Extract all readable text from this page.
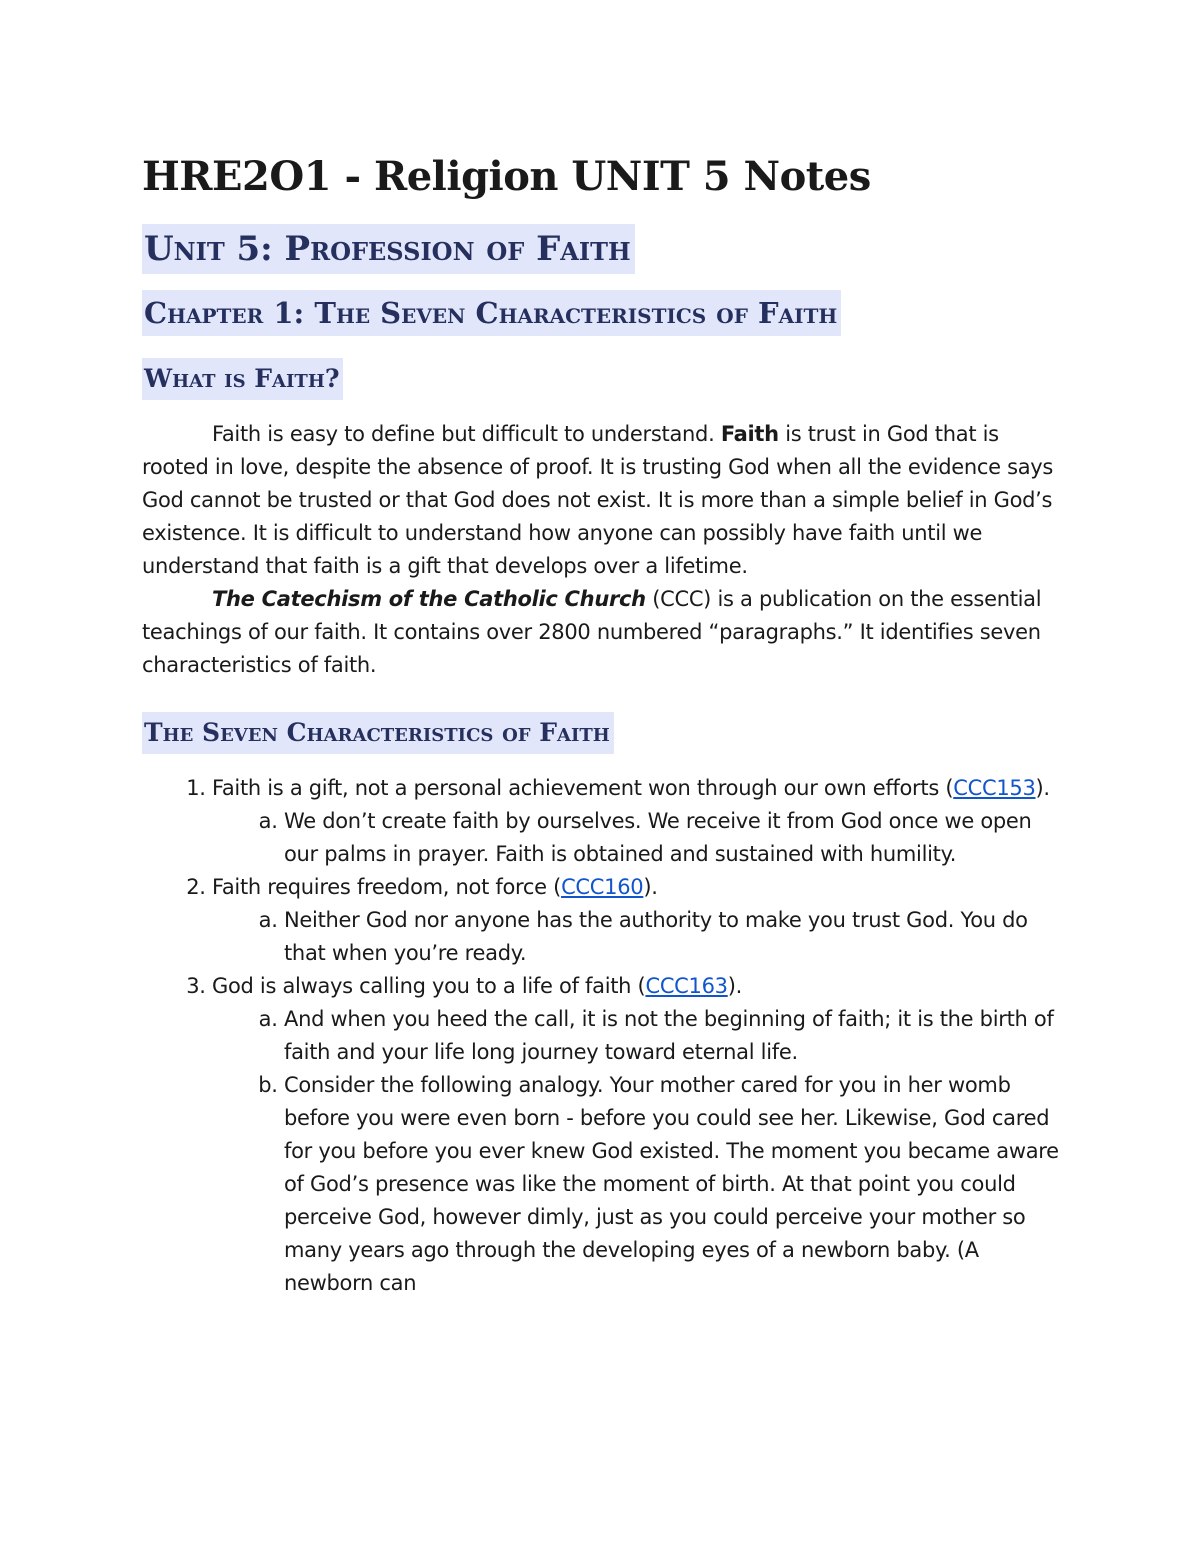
HRE2O1 - Religion UNIT 5 Notes
Unit 5: Profession of Faith
Chapter 1: The Seven Characteristics of Faith
What is Faith?

Faith is easy to define but difficult to understand. Faith is trust in God that is rooted in love, despite the absence of proof. It is trusting God when all the evidence says God cannot be trusted or that God does not exist. It is more than a simple belief in God’s existence. It is difficult to understand how anyone can possibly have faith until we understand that faith is a gift that develops over a lifetime.

The Catechism of the Catholic Church (CCC) is a publication on the essential teachings of our faith. It contains over 2800 numbered “paragraphs.” It identifies seven characteristics of faith.

The Seven Characteristics of Faith
1. Faith is a gift, not a personal achievement won through our own efforts (CCC153).
a. We don’t create faith by ourselves. We receive it from God once we open our palms in prayer. Faith is obtained and sustained with humility.
2. Faith requires freedom, not force (CCC160).
a. Neither God nor anyone has the authority to make you trust God. You do that when you’re ready.
3. God is always calling you to a life of faith (CCC163).
a. And when you heed the call, it is not the beginning of faith; it is the birth of faith and your life long journey toward eternal life.
b. Consider the following analogy. Your mother cared for you in her womb before you were even born - before you could see her. Likewise, God cared for you before you ever knew God existed. The moment you became aware of God’s presence was like the moment of birth. At that point you could perceive God, however dimly, just as you could perceive your mother so many years ago through the developing eyes of a newborn baby. (A newborn can
